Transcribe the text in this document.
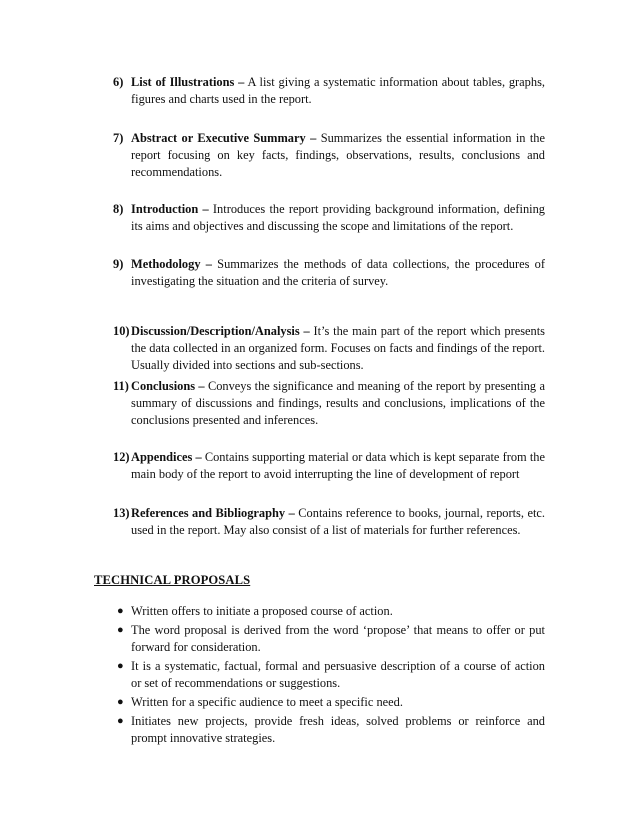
6) List of Illustrations – A list giving a systematic information about tables, graphs, figures and charts used in the report.
7) Abstract or Executive Summary – Summarizes the essential information in the report focusing on key facts, findings, observations, results, conclusions and recommendations.
8) Introduction – Introduces the report providing background information, defining its aims and objectives and discussing the scope and limitations of the report.
9) Methodology – Summarizes the methods of data collections, the procedures of investigating the situation and the criteria of survey.
10) Discussion/Description/Analysis – It’s the main part of the report which presents the data collected in an organized form. Focuses on facts and findings of the report. Usually divided into sections and sub-sections.
11) Conclusions – Conveys the significance and meaning of the report by presenting a summary of discussions and findings, results and conclusions, implications of the conclusions presented and inferences.
12) Appendices – Contains supporting material or data which is kept separate from the main body of the report to avoid interrupting the line of development of report
13) References and Bibliography – Contains reference to books, journal, reports, etc. used in the report. May also consist of a list of materials for further references.
TECHNICAL PROPOSALS
● Written offers to initiate a proposed course of action.
● The word proposal is derived from the word ‘propose’ that means to offer or put forward for consideration.
● It is a systematic, factual, formal and persuasive description of a course of action or set of recommendations or suggestions.
● Written for a specific audience to meet a specific need.
● Initiates new projects, provide fresh ideas, solved problems or reinforce and prompt innovative strategies.
